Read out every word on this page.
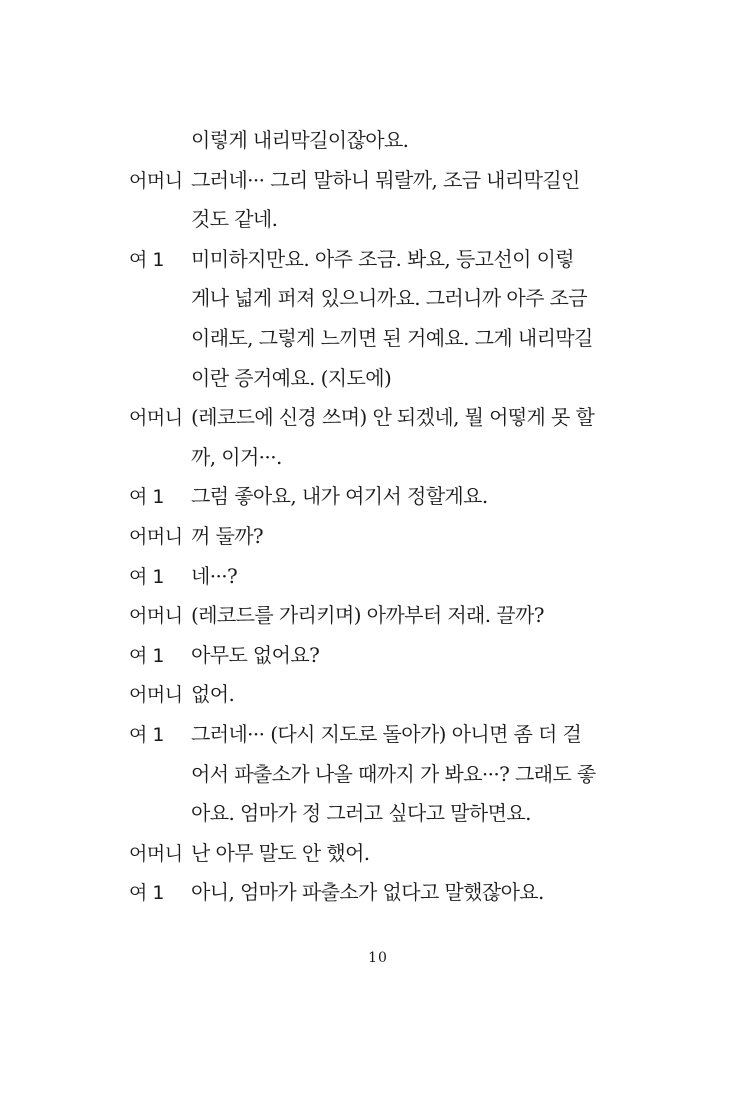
이렇게 내리막길이잖아요.
어머니 그러네··· 그리 말하니 뭐랄까, 조금 내리막길인
것도 같네.
여 1	미미하지만요. 아주 조금. 봐요, 등고선이 이렇
게나 넓게 퍼져 있으니까요. 그러니까 아주 조금
이래도, 그렇게 느끼면 된 거예요. 그게 내리막길
이란 증거예요. (지도에)
어머니 (레코드에 신경 쓰며) 안 되겠네, 뭘 어떻게 못 할
까, 이거···.
여 1	그럼 좋아요, 내가 여기서 정할게요.
어머니 꺼 둘까?
여 1	네···?
어머니 (레코드를 가리키며) 아까부터 저래. 끌까?
여 1	아무도 없어요?
어머니 없어.
여 1	그러네··· (다시 지도로 돌아가) 아니면 좀 더 걸
어서 파출소가 나올 때까지 가 봐요···? 그래도 좋
아요. 엄마가 정 그러고 싶다고 말하면요.
어머니 난 아무 말도 안 했어.
여 1	아니, 엄마가 파출소가 없다고 말했잖아요.
10
